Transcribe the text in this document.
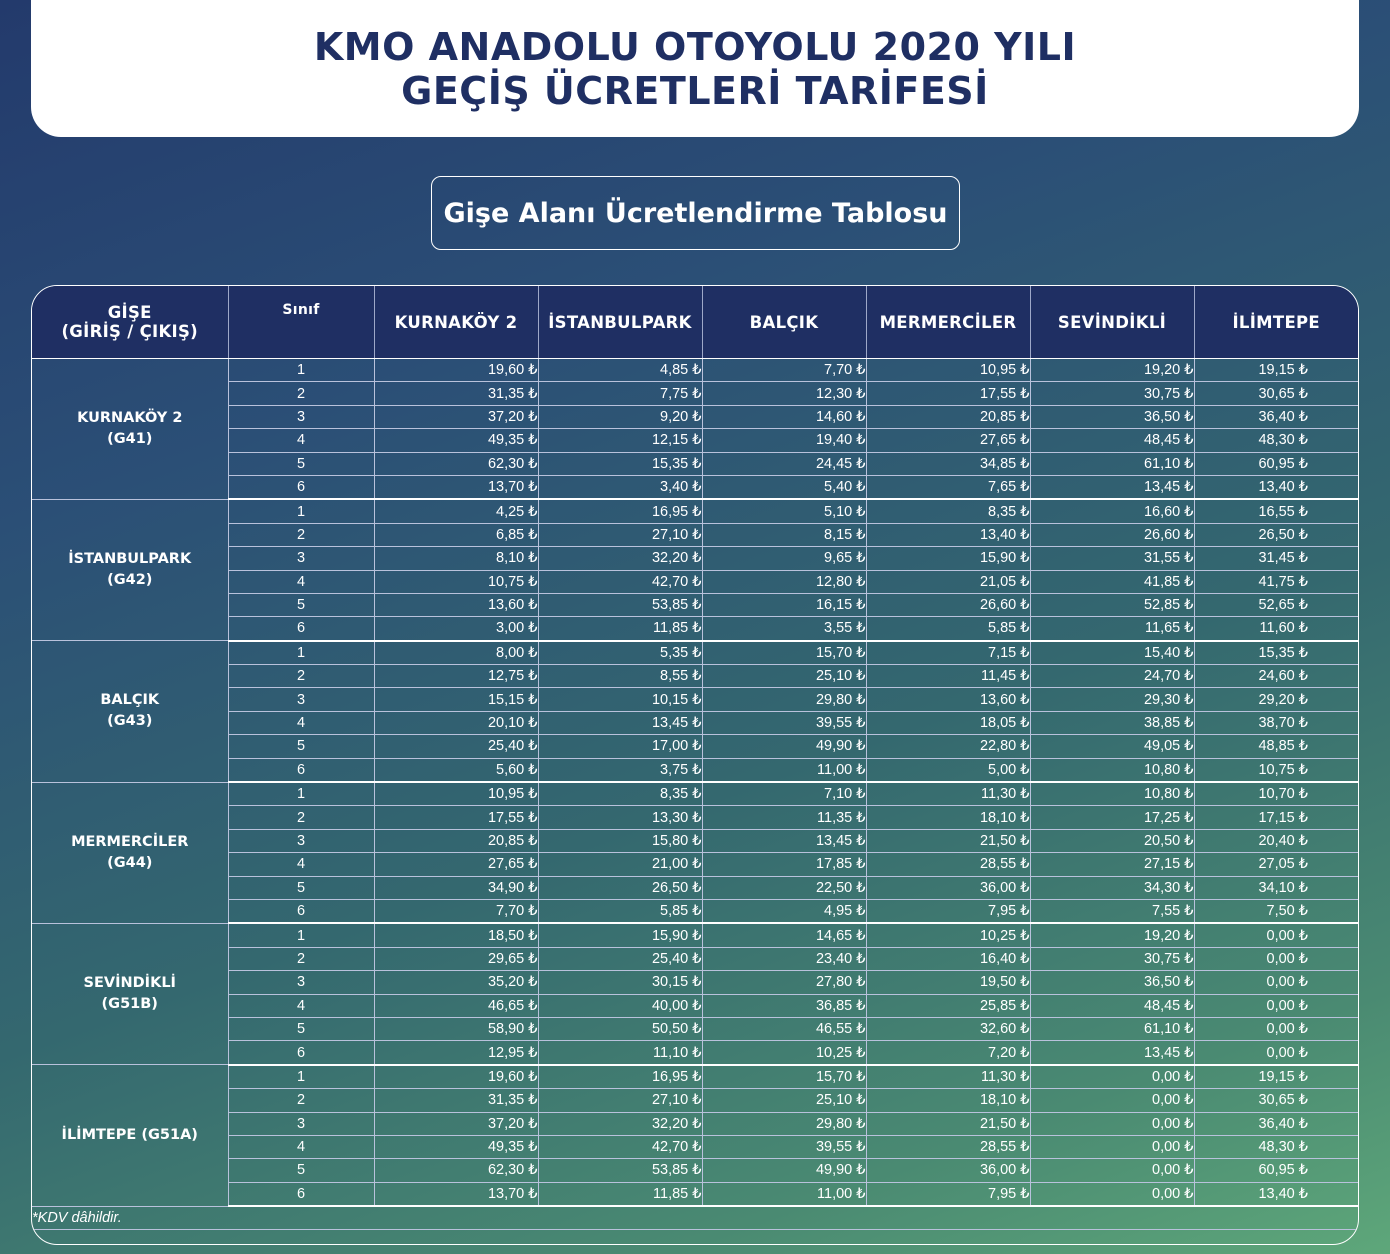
KMO ANADOLU OTOYOLU 2020 YILI
GEÇİŞ ÜCRETLERİ TARİFESİ
Gişe Alanı Ücretlendirme Tablosu
GİŞE
(GİRİŞ / ÇIKIŞ)	Sınıf	KURNAKÖY 2	İSTANBULPARK	BALÇIK	MERMERCİLER	SEVİNDİKLİ	İLİMTEPE
KURNAKÖY 2
(G41)	1	19,60 ₺	4,85 ₺	7,70 ₺	10,95 ₺	19,20 ₺	19,15 ₺
	2	31,35 ₺	7,75 ₺	12,30 ₺	17,55 ₺	30,75 ₺	30,65 ₺
	3	37,20 ₺	9,20 ₺	14,60 ₺	20,85 ₺	36,50 ₺	36,40 ₺
	4	49,35 ₺	12,15 ₺	19,40 ₺	27,65 ₺	48,45 ₺	48,30 ₺
	5	62,30 ₺	15,35 ₺	24,45 ₺	34,85 ₺	61,10 ₺	60,95 ₺
	6	13,70 ₺	3,40 ₺	5,40 ₺	7,65 ₺	13,45 ₺	13,40 ₺
İSTANBULPARK
(G42)	1	4,25 ₺	16,95 ₺	5,10 ₺	8,35 ₺	16,60 ₺	16,55 ₺
	2	6,85 ₺	27,10 ₺	8,15 ₺	13,40 ₺	26,60 ₺	26,50 ₺
	3	8,10 ₺	32,20 ₺	9,65 ₺	15,90 ₺	31,55 ₺	31,45 ₺
	4	10,75 ₺	42,70 ₺	12,80 ₺	21,05 ₺	41,85 ₺	41,75 ₺
	5	13,60 ₺	53,85 ₺	16,15 ₺	26,60 ₺	52,85 ₺	52,65 ₺
	6	3,00 ₺	11,85 ₺	3,55 ₺	5,85 ₺	11,65 ₺	11,60 ₺
BALÇIK
(G43)	1	8,00 ₺	5,35 ₺	15,70 ₺	7,15 ₺	15,40 ₺	15,35 ₺
	2	12,75 ₺	8,55 ₺	25,10 ₺	11,45 ₺	24,70 ₺	24,60 ₺
	3	15,15 ₺	10,15 ₺	29,80 ₺	13,60 ₺	29,30 ₺	29,20 ₺
	4	20,10 ₺	13,45 ₺	39,55 ₺	18,05 ₺	38,85 ₺	38,70 ₺
	5	25,40 ₺	17,00 ₺	49,90 ₺	22,80 ₺	49,05 ₺	48,85 ₺
	6	5,60 ₺	3,75 ₺	11,00 ₺	5,00 ₺	10,80 ₺	10,75 ₺
MERMERCİLER
(G44)	1	10,95 ₺	8,35 ₺	7,10 ₺	11,30 ₺	10,80 ₺	10,70 ₺
	2	17,55 ₺	13,30 ₺	11,35 ₺	18,10 ₺	17,25 ₺	17,15 ₺
	3	20,85 ₺	15,80 ₺	13,45 ₺	21,50 ₺	20,50 ₺	20,40 ₺
	4	27,65 ₺	21,00 ₺	17,85 ₺	28,55 ₺	27,15 ₺	27,05 ₺
	5	34,90 ₺	26,50 ₺	22,50 ₺	36,00 ₺	34,30 ₺	34,10 ₺
	6	7,70 ₺	5,85 ₺	4,95 ₺	7,95 ₺	7,55 ₺	7,50 ₺
SEVİNDİKLİ
(G51B)	1	18,50 ₺	15,90 ₺	14,65 ₺	10,25 ₺	19,20 ₺	0,00 ₺
	2	29,65 ₺	25,40 ₺	23,40 ₺	16,40 ₺	30,75 ₺	0,00 ₺
	3	35,20 ₺	30,15 ₺	27,80 ₺	19,50 ₺	36,50 ₺	0,00 ₺
	4	46,65 ₺	40,00 ₺	36,85 ₺	25,85 ₺	48,45 ₺	0,00 ₺
	5	58,90 ₺	50,50 ₺	46,55 ₺	32,60 ₺	61,10 ₺	0,00 ₺
	6	12,95 ₺	11,10 ₺	10,25 ₺	7,20 ₺	13,45 ₺	0,00 ₺
İLİMTEPE (G51A)	1	19,60 ₺	16,95 ₺	15,70 ₺	11,30 ₺	0,00 ₺	19,15 ₺
	2	31,35 ₺	27,10 ₺	25,10 ₺	18,10 ₺	0,00 ₺	30,65 ₺
	3	37,20 ₺	32,20 ₺	29,80 ₺	21,50 ₺	0,00 ₺	36,40 ₺
	4	49,35 ₺	42,70 ₺	39,55 ₺	28,55 ₺	0,00 ₺	48,30 ₺
	5	62,30 ₺	53,85 ₺	49,90 ₺	36,00 ₺	0,00 ₺	60,95 ₺
	6	13,70 ₺	11,85 ₺	11,00 ₺	7,95 ₺	0,00 ₺	13,40 ₺
*KDV dâhildir.							
